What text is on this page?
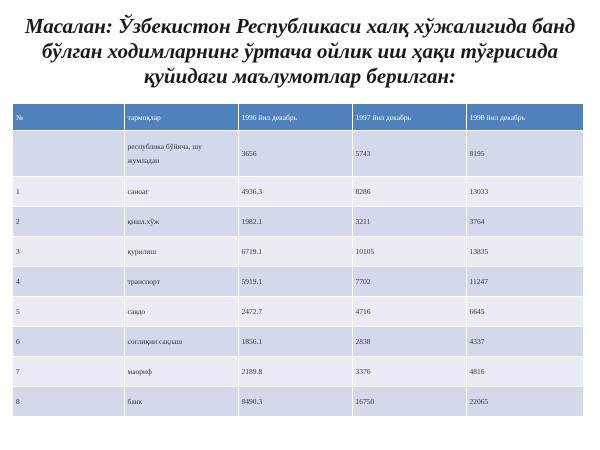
Масалан: Ўзбекистон Республикаси халқ хўжалигида банд
бўлган ходимларнинг ўртача ойлик иш ҳақи тўғрисида
қуйидаги маълумотлар берилган:
№	тармоқлар	1996 йил декабрь	1997 йил декабрь	1998 йил декабрь
	республика бўйича, шу жумладан	3656	5743	8195
1	саноат	4936.3	8286	13033
2	қишл.хўж	1982.1	3211	3764
3	қурилиш	6719.1	10105	13835
4	транспорт	5919.1	7702	11247
5	савдо	2472.7	4716	6645
6	соғлиқни сақлаш	1856.1	2838	4337
7	маориф	2189.8	3376	4816
8	банк	8490.3	16750	22065
